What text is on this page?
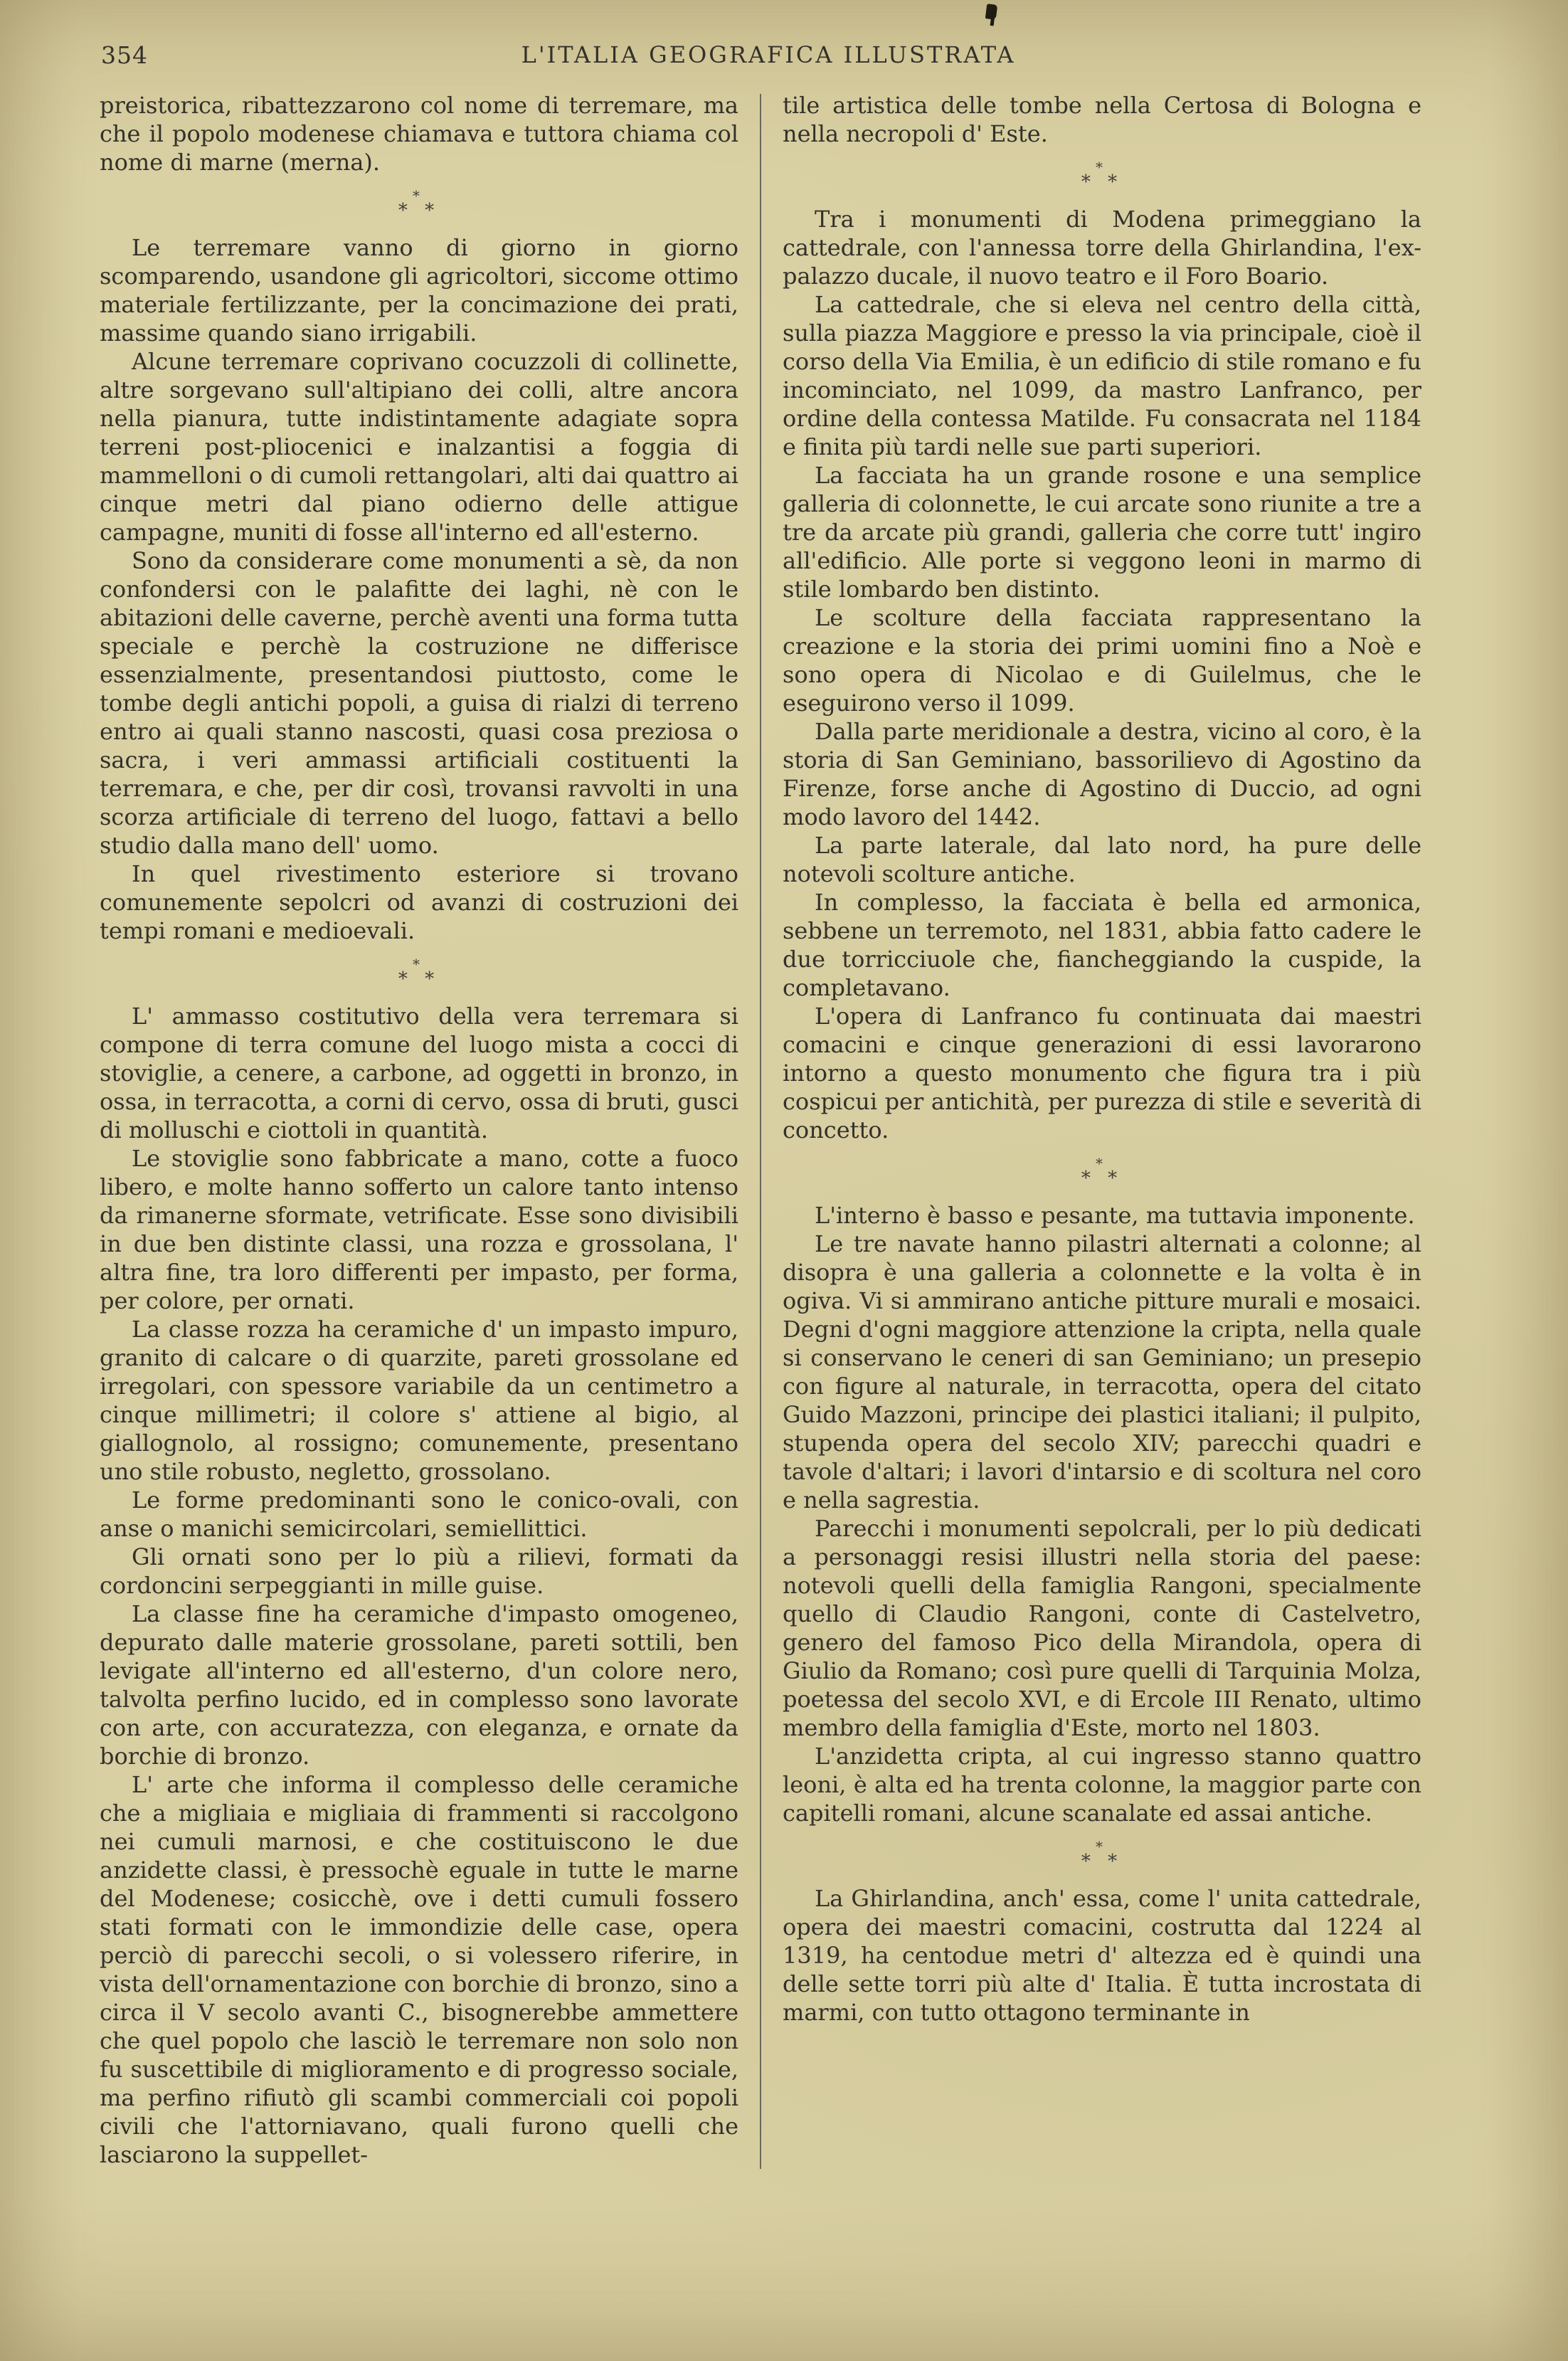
354	L'ITALIA GEOGRAFICA ILLUSTRATA

preistorica, ribattezzarono col nome di terremare, ma che il popolo modenese chiamava e tuttora chiama col nome di marne (merna).

*
* *

Le terremare vanno di giorno in giorno scomparendo, usandone gli agricoltori, siccome ottimo materiale fertilizzante, per la concimazione dei prati, massime quando siano irrigabili.

Alcune terremare coprivano cocuzzoli di collinette, altre sorgevano sull'altipiano dei colli, altre ancora nella pianura, tutte indistintamente adagiate sopra terreni post-pliocenici e inalzantisi a foggia di mammelloni o di cumoli rettangolari, alti dai quattro ai cinque metri dal piano odierno delle attigue campagne, muniti di fosse all'interno ed all'esterno.

Sono da considerare come monumenti a sè, da non confondersi con le palafitte dei laghi, nè con le abitazioni delle caverne, perchè aventi una forma tutta speciale e perchè la costruzione ne differisce essenzialmente, presentandosi piuttosto, come le tombe degli antichi popoli, a guisa di rialzi di terreno entro ai quali stanno nascosti, quasi cosa preziosa o sacra, i veri ammassi artificiali costituenti la terremara, e che, per dir così, trovansi ravvolti in una scorza artificiale di terreno del luogo, fattavi a bello studio dalla mano dell' uomo.

In quel rivestimento esteriore si trovano comunemente sepolcri od avanzi di costruzioni dei tempi romani e medioevali.

*
* *

L' ammasso costitutivo della vera terremara si compone di terra comune del luogo mista a cocci di stoviglie, a cenere, a carbone, ad oggetti in bronzo, in ossa, in terracotta, a corni di cervo, ossa di bruti, gusci di molluschi e ciottoli in quantità.

Le stoviglie sono fabbricate a mano, cotte a fuoco libero, e molte hanno sofferto un calore tanto intenso da rimanerne sformate, vetrificate. Esse sono divisibili in due ben distinte classi, una rozza e grossolana, l' altra fine, tra loro differenti per impasto, per forma, per colore, per ornati.

La classe rozza ha ceramiche d' un impasto impuro, granito di calcare o di quarzite, pareti grossolane ed irregolari, con spessore variabile da un centimetro a cinque millimetri; il colore s' attiene al bigio, al giallognolo, al rossigno; comunemente, presentano uno stile robusto, negletto, grossolano.

Le forme predominanti sono le conico-ovali, con anse o manichi semicircolari, semiellittici.

Gli ornati sono per lo più a rilievi, formati da cordoncini serpeggianti in mille guise.

La classe fine ha ceramiche d'impasto omogeneo, depurato dalle materie grossolane, pareti sottili, ben levigate all'interno ed all'esterno, d'un colore nero, talvolta perfino lucido, ed in complesso sono lavorate con arte, con accuratezza, con eleganza, e ornate da borchie di bronzo.

L' arte che informa il complesso delle ceramiche che a migliaia e migliaia di frammenti si raccolgono nei cumuli marnosi, e che costituiscono le due anzidette classi, è pressochè eguale in tutte le marne del Modenese; cosicchè, ove i detti cumuli fossero stati formati con le immondizie delle case, opera perciò di parecchi secoli, o si volessero riferire, in vista dell'ornamentazione con borchie di bronzo, sino a circa il V secolo avanti C., bisognerebbe ammettere che quel popolo che lasciò le terremare non solo non fu suscettibile di miglioramento e di progresso sociale, ma perfino rifiutò gli scambi commerciali coi popoli civili che l'attorniavano, quali furono quelli che lasciarono la suppellet-

tile artistica delle tombe nella Certosa di Bologna e nella necropoli d' Este.

*
* *

Tra i monumenti di Modena primeggiano la cattedrale, con l'annessa torre della Ghirlandina, l'ex-palazzo ducale, il nuovo teatro e il Foro Boario.

La cattedrale, che si eleva nel centro della città, sulla piazza Maggiore e presso la via principale, cioè il corso della Via Emilia, è un edificio di stile romano e fu incominciato, nel 1099, da mastro Lanfranco, per ordine della contessa Matilde. Fu consacrata nel 1184 e finita più tardi nelle sue parti superiori.

La facciata ha un grande rosone e una semplice galleria di colonnette, le cui arcate sono riunite a tre a tre da arcate più grandi, galleria che corre tutt' ingiro all'edificio. Alle porte si veggono leoni in marmo di stile lombardo ben distinto.

Le scolture della facciata rappresentano la creazione e la storia dei primi uomini fino a Noè e sono opera di Nicolao e di Guilelmus, che le eseguirono verso il 1099.

Dalla parte meridionale a destra, vicino al coro, è la storia di San Geminiano, bassorilievo di Agostino da Firenze, forse anche di Agostino di Duccio, ad ogni modo lavoro del 1442.

La parte laterale, dal lato nord, ha pure delle notevoli scolture antiche.

In complesso, la facciata è bella ed armonica, sebbene un terremoto, nel 1831, abbia fatto cadere le due torricciuole che, fiancheggiando la cuspide, la completavano.

L'opera di Lanfranco fu continuata dai maestri comacini e cinque generazioni di essi lavorarono intorno a questo monumento che figura tra i più cospicui per antichità, per purezza di stile e severità di concetto.

*
* *

L'interno è basso e pesante, ma tuttavia imponente.

Le tre navate hanno pilastri alternati a colonne; al disopra è una galleria a colonnette e la volta è in ogiva. Vi si ammirano antiche pitture murali e mosaici. Degni d'ogni maggiore attenzione la cripta, nella quale si conservano le ceneri di san Geminiano; un presepio con figure al naturale, in terracotta, opera del citato Guido Mazzoni, principe dei plastici italiani; il pulpito, stupenda opera del secolo XIV; parecchi quadri e tavole d'altari; i lavori d'intarsio e di scoltura nel coro e nella sagrestia.

Parecchi i monumenti sepolcrali, per lo più dedicati a personaggi resisi illustri nella storia del paese: notevoli quelli della famiglia Rangoni, specialmente quello di Claudio Rangoni, conte di Castelvetro, genero del famoso Pico della Mirandola, opera di Giulio da Romano; così pure quelli di Tarquinia Molza, poetessa del secolo XVI, e di Ercole III Renato, ultimo membro della famiglia d'Este, morto nel 1803.

L'anzidetta cripta, al cui ingresso stanno quattro leoni, è alta ed ha trenta colonne, la maggior parte con capitelli romani, alcune scanalate ed assai antiche.

*
* *

La Ghirlandina, anch' essa, come l' unita cattedrale, opera dei maestri comacini, costrutta dal 1224 al 1319, ha centodue metri d' altezza ed è quindi una delle sette torri più alte d' Italia. È tutta incrostata di marmi, con tutto ottagono terminante in
